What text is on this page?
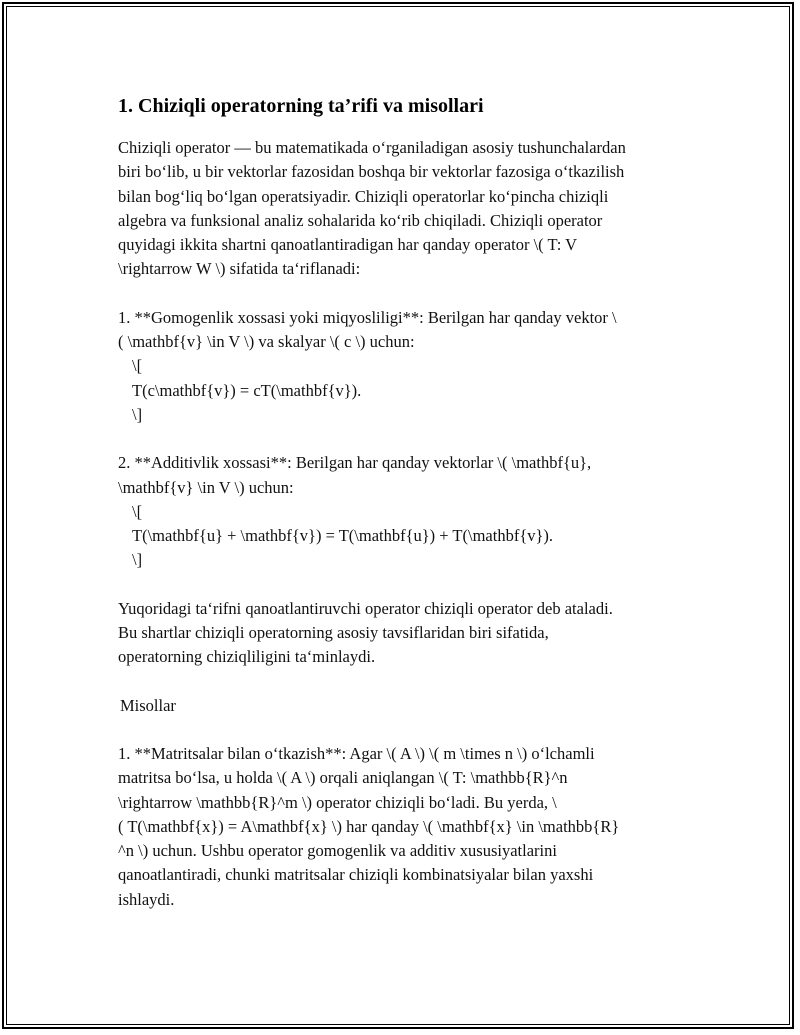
1. Chiziqli operatorning ta’rifi va misollari
Chiziqli operator — bu matematikada o‘rganiladigan asosiy tushunchalardan
biri bo‘lib, u bir vektorlar fazosidan boshqa bir vektorlar fazosiga o‘tkazilish
bilan bog‘liq bo‘lgan operatsiyadir. Chiziqli operatorlar ko‘pincha chiziqli
algebra va funksional analiz sohalarida ko‘rib chiqiladi. Chiziqli operator
quyidagi ikkita shartni qanoatlantiradigan har qanday operator \( T: V
\rightarrow W \) sifatida ta‘riflanadi:
1. **Gomogenlik xossasi yoki miqyosliligi**: Berilgan har qanday vektor \
( \mathbf{v} \in V \) va skalyar \( c \) uchun:
\[
T(c\mathbf{v}) = cT(\mathbf{v}).
\]
2. **Additivlik xossasi**: Berilgan har qanday vektorlar \( \mathbf{u},
\mathbf{v} \in V \) uchun:
\[
T(\mathbf{u} + \mathbf{v}) = T(\mathbf{u}) + T(\mathbf{v}).
\]
Yuqoridagi ta‘rifni qanoatlantiruvchi operator chiziqli operator deb ataladi.
Bu shartlar chiziqli operatorning asosiy tavsiflaridan biri sifatida,
operatorning chiziqliligini ta‘minlaydi.
Misollar
1. **Matritsalar bilan o‘tkazish**: Agar \( A \) \( m \times n \) o‘lchamli
matritsa bo‘lsa, u holda \( A \) orqali aniqlangan \( T: \mathbb{R}^n
\rightarrow \mathbb{R}^m \) operator chiziqli bo‘ladi. Bu yerda, \
( T(\mathbf{x}) = A\mathbf{x} \) har qanday \( \mathbf{x} \in \mathbb{R}
^n \) uchun. Ushbu operator gomogenlik va additiv xususiyatlarini
qanoatlantiradi, chunki matritsalar chiziqli kombinatsiyalar bilan yaxshi
ishlaydi.
